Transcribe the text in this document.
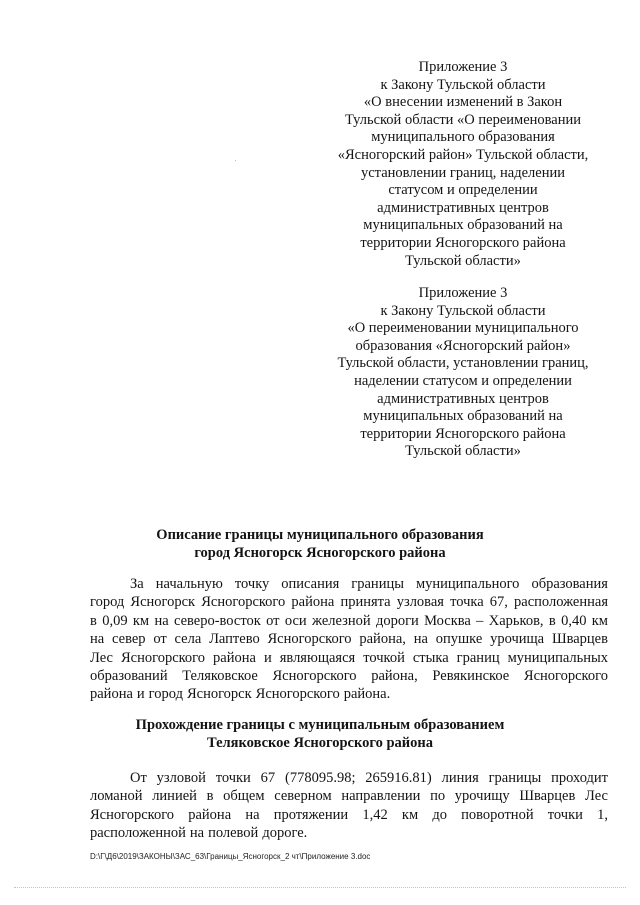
Приложение 3
к Закону Тульской области
«О внесении изменений в Закон
Тульской области «О переименовании
муниципального образования
«Ясногорский район» Тульской области,
установлении границ, наделении
статусом и определении
административных центров
муниципальных образований на
территории Ясногорского района
Тульской области»
Приложение 3
к Закону Тульской области
«О переименовании муниципального
образования «Ясногорский район»
Тульской области, установлении границ,
наделении статусом и определении
административных центров
муниципальных образований на
территории Ясногорского района
Тульской области»
Описание границы муниципального образования
город Ясногорск Ясногорского района
За начальную точку описания границы муниципального образования
город Ясногорск Ясногорского района принята узловая точка 67, расположенная
в 0,09 км на северо-восток от оси железной дороги Москва – Харьков, в 0,40 км
на север от села Лаптево Ясногорского района, на опушке урочища Шварцев
Лес Ясногорского района и являющаяся точкой стыка границ муниципальных
образований Теляковское Ясногорского района, Ревякинское Ясногорского
района и город Ясногорск Ясногорского района.
Прохождение границы с муниципальным образованием
Теляковское Ясногорского района
От узловой точки 67 (778095.98; 265916.81) линия границы проходит
ломаной линией в общем северном направлении по урочищу Шварцев Лес
Ясногорского района на протяжении 1,42 км до поворотной точки 1,
расположенной на полевой дороге.
D:\Г\Д6\2019\ЗАКОНЫ\ЗАС_63\Границы_Ясногорск_2 чт\Приложение 3.doc
